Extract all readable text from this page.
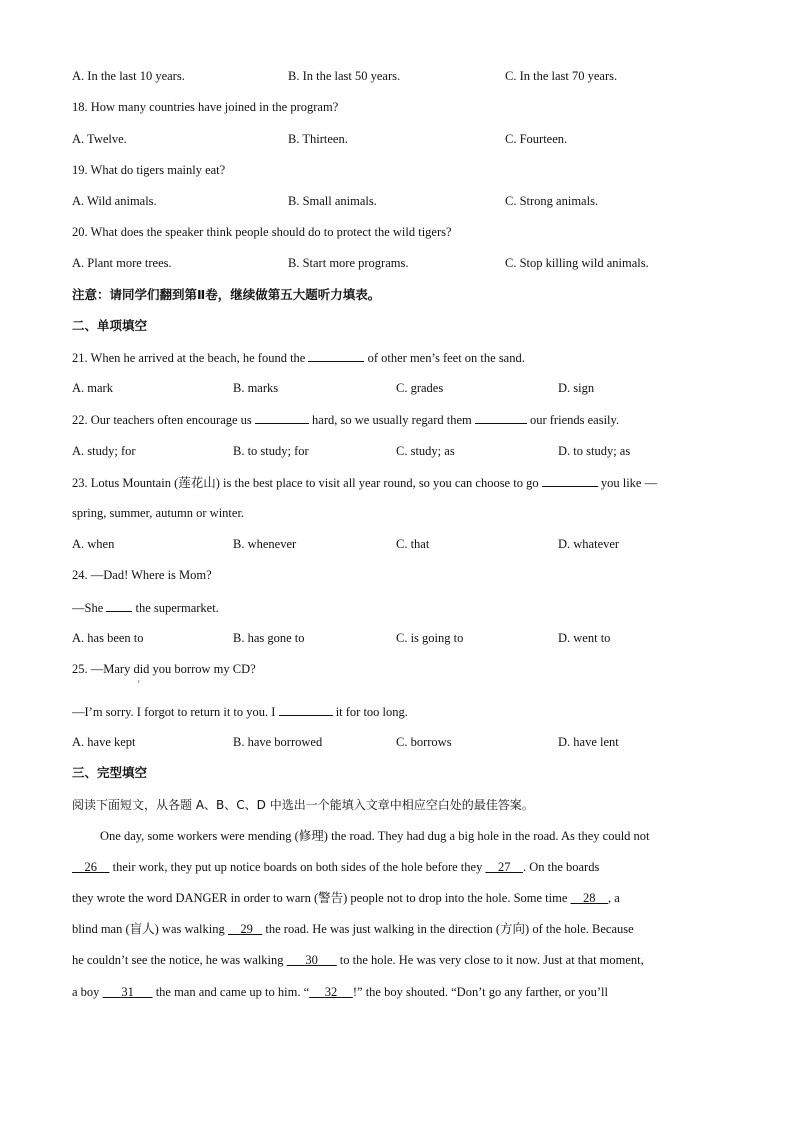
A. In the last 10 years.	B. In the last 50 years.	C. In the last 70 years.
18. How many countries have joined in the program?
A. Twelve.	B. Thirteen.	C. Fourteen.
19. What do tigers mainly eat?
A. Wild animals.	B. Small animals.	C. Strong animals.
20. What does the speaker think people should do to protect the wild tigers?
A. Plant more trees.	B. Start more programs.	C. Stop killing wild animals.
注意：请同学们翻到第Ⅱ卷，继续做第五大题听力填表。
二、单项填空
21. When he arrived at the beach, he found the	of other men’s feet on the sand.
A. mark	B. marks	C. grades	D. sign
22. Our teachers often encourage us	hard, so we usually regard them	our friends easily.
A. study; for	B. to study; for	C. study; as	D. to study; as
23. Lotus Mountain (莲花山) is the best place to visit all year round, so you can choose to go	you like —
spring, summer, autumn or winter.
A. when	B. whenever	C. that	D. whatever
24. —Dad! Where is Mom?
—She	the supermarket.
A. has been to	B. has gone to	C. is going to	D. went to
25. —Mary did you borrow my CD?
'
—I’m sorry. I forgot to return it to you. I	it for too long.
A. have kept	B. have borrowed	C. borrows	D. have lent
三、完型填空
阅读下面短文，从各题 A、B、C、D 中选出一个能填入文章中相应空白处的最佳答案。
One day, some workers were mending (修理) the road. They had dug a big hole in the road. As they could not
26 their work, they put up notice boards on both sides of the hole before they 27 . On the boards
they wrote the word DANGER in order to warn (警告) people not to drop into the hole. Some time 28 , a
blind man (盲人) was walking 29 the road. He was just walking in the direction (方向) of the hole. Because
he couldn’t see the notice, he was walking 30 to the hole. He was very close to it now. Just at that moment,
a boy 31 the man and came up to him. “ 32 !” the boy shouted. “Don’t go any farther, or you’ll
